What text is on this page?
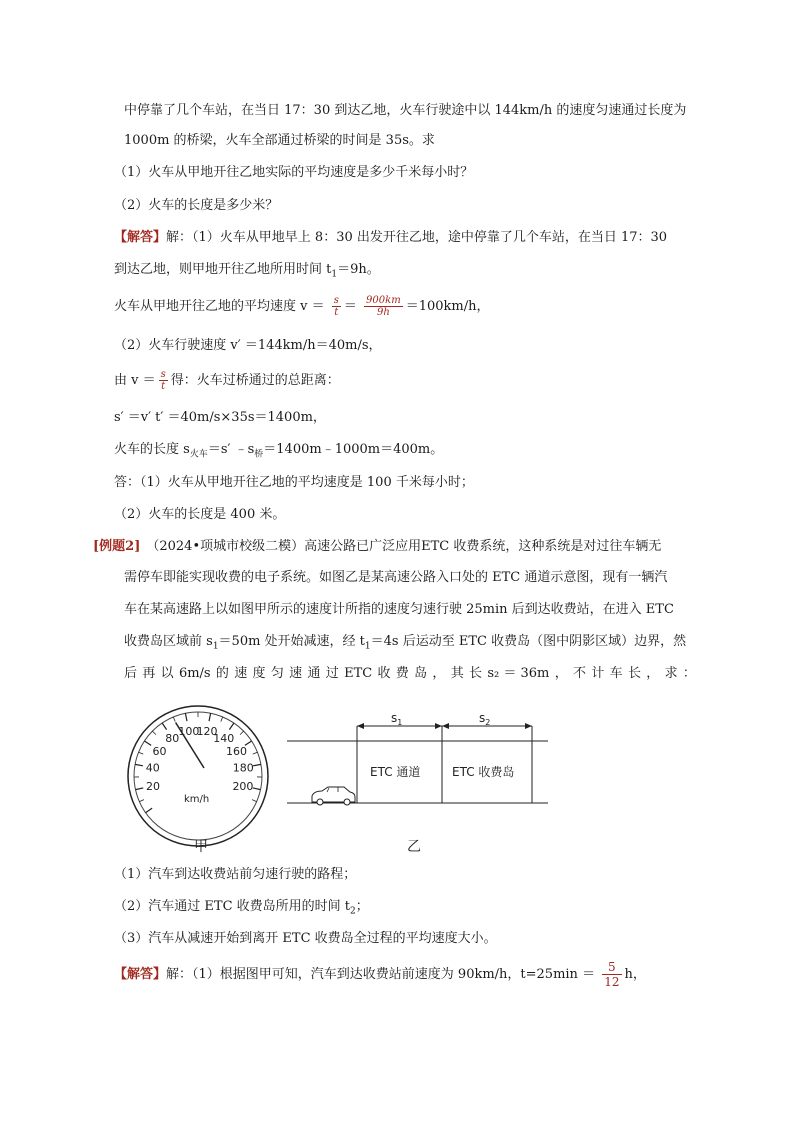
中停靠了几个车站，在当日 17：30 到达乙地，火车行驶途中以 144km/h 的速度匀速通过长度为
1000m 的桥梁，火车全部通过桥梁的时间是 35s。求
（1）火车从甲地开往乙地实际的平均速度是多少千米每小时？
（2）火车的长度是多少米？
【解答】解：（1）火车从甲地早上 8：30 出发开往乙地，途中停靠了几个车站，在当日 17：30
到达乙地，则甲地开往乙地所用时间 $t_1=9h$。
火车从甲地开往乙地的平均速度 $v = \frac{s}{t} = \frac{900km}{9h} =100km/h$，
（2）火车行驶速度 v′ ＝144km/h＝40m/s，
由 $v = \frac{s}{t}$ 得：火车过桥通过的总距离：
s′ ＝v′ t′ ＝40m/s×35s＝1400m，
火车的长度 $s_{火车}=s'$ $﹣s_桥=1400m﹣1000m=400m$。
答：（1）火车从甲地开往乙地的平均速度是 100 千米每小时；
（2）火车的长度是 400 米。
[例题2] （2024•项城市校级二模）高速公路已广泛应用ETC 收费系统，这种系统是对过往车辆无
需停车即能实现收费的电子系统。如图乙是某高速公路入口处的 ETC 通道示意图，现有一辆汽
车在某高速路上以如图甲所示的速度计所指的速度匀速行驶 25min 后到达收费站，在进入 ETC
收费岛区域前 $s_1=50m$ 处开始减速，经 $t_1=4s$ 后运动至 ETC 收费岛（图中阴影区域）边界，然
后 再 以 6m/s 的 速 度 匀 速 通 过 ETC 收 费 岛 ， 其 长 s₂ ＝ 36m ， 不 计 车 长 ， 求 ：
20
40
60
80
100
120
140
160
180
200
km/h
甲
$s_1$	$s_2$
ETC 通道	ETC 收费岛
乙
（1）汽车到达收费站前匀速行驶的路程；
（2）汽车通过 ETC 收费岛所用的时间 $t_2$；
（3）汽车从减速开始到离开 ETC 收费岛全过程的平均速度大小。
【解答】解：（1）根据图甲可知，汽车到达收费站前速度为 90km/h，$t=25\min = \frac{5}{12}$ h，
